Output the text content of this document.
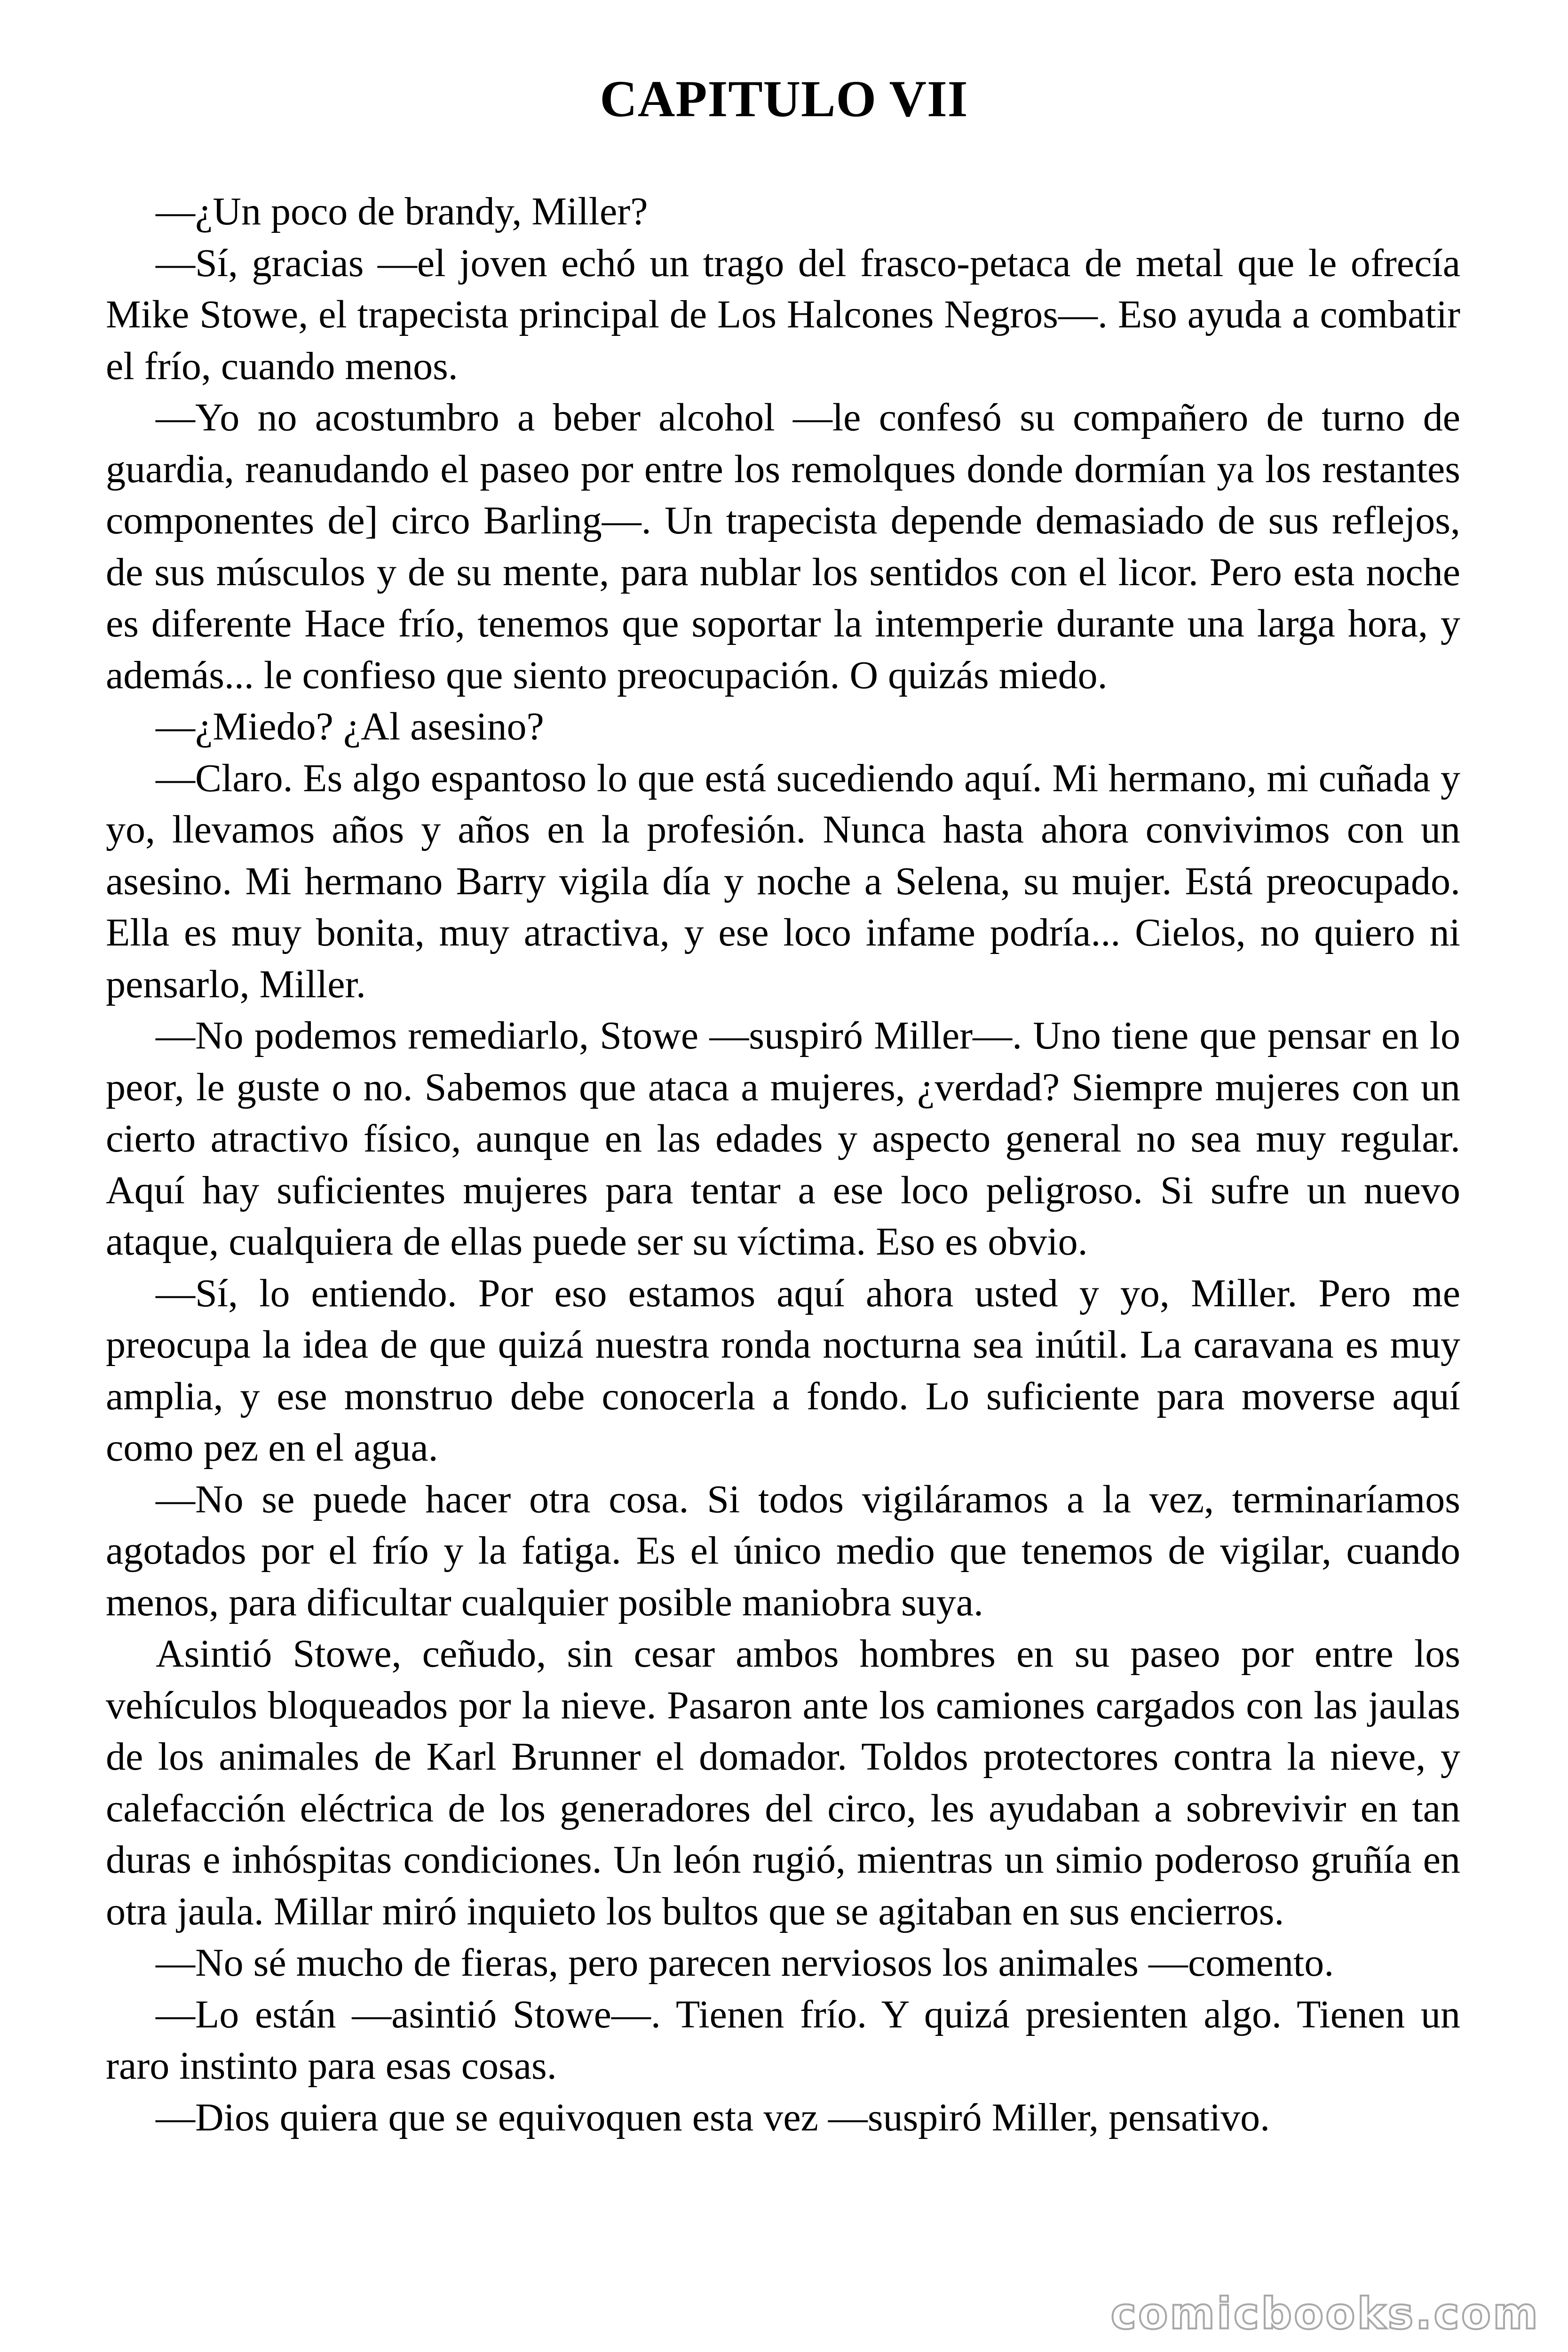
CAPITULO VII

—¿Un poco de brandy, Miller?

—Sí, gracias —el joven echó un trago del frasco-petaca de metal que le ofrecía Mike Stowe, el trapecista principal de Los Halcones Negros—. Eso ayuda a combatir el frío, cuando menos.

—Yo no acostumbro a beber alcohol —le confesó su compañero de turno de guardia, reanudando el paseo por entre los remolques donde dormían ya los restantes componentes de] circo Barling—. Un trapecista depende demasiado de sus reflejos, de sus músculos y de su mente, para nublar los sentidos con el licor. Pero esta noche es diferente Hace frío, tenemos que soportar la intemperie durante una larga hora, y además... le confieso que siento preocupación. O quizás miedo.

—¿Miedo? ¿Al asesino?

—Claro. Es algo espantoso lo que está sucediendo aquí. Mi hermano, mi cuñada y yo, llevamos años y años en la profesión. Nunca hasta ahora convivimos con un asesino. Mi hermano Barry vigila día y noche a Selena, su mujer. Está preocupado. Ella es muy bonita, muy atractiva, y ese loco infame podría... Cielos, no quiero ni pensarlo, Miller.

—No podemos remediarlo, Stowe —suspiró Miller—. Uno tiene que pensar en lo peor, le guste o no. Sabemos que ataca a mujeres, ¿verdad? Siempre mujeres con un cierto atractivo físico, aunque en las edades y aspecto general no sea muy regular. Aquí hay suficientes mujeres para tentar a ese loco peligroso. Si sufre un nuevo ataque, cualquiera de ellas puede ser su víctima. Eso es obvio.

—Sí, lo entiendo. Por eso estamos aquí ahora usted y yo, Miller. Pero me preocupa la idea de que quizá nuestra ronda nocturna sea inútil. La caravana es muy amplia, y ese monstruo debe conocerla a fondo. Lo suficiente para moverse aquí como pez en el agua.

—No se puede hacer otra cosa. Si todos vigiláramos a la vez, terminaríamos agotados por el frío y la fatiga. Es el único medio que tenemos de vigilar, cuando menos, para dificultar cualquier posible maniobra suya.

Asintió Stowe, ceñudo, sin cesar ambos hombres en su paseo por entre los vehículos bloqueados por la nieve. Pasaron ante los camiones cargados con las jaulas de los animales de Karl Brunner el domador. Toldos protectores contra la nieve, y calefacción eléctrica de los generadores del circo, les ayudaban a sobrevivir en tan duras e inhóspitas condiciones. Un león rugió, mientras un simio poderoso gruñía en otra jaula. Millar miró inquieto los bultos que se agitaban en sus encierros.

—No sé mucho de fieras, pero parecen nerviosos los animales —comento.

—Lo están —asintió Stowe—. Tienen frío. Y quizá presienten algo. Tienen un raro instinto para esas cosas.

—Dios quiera que se equivoquen esta vez —suspiró Miller, pensativo.

comicbooks.com
